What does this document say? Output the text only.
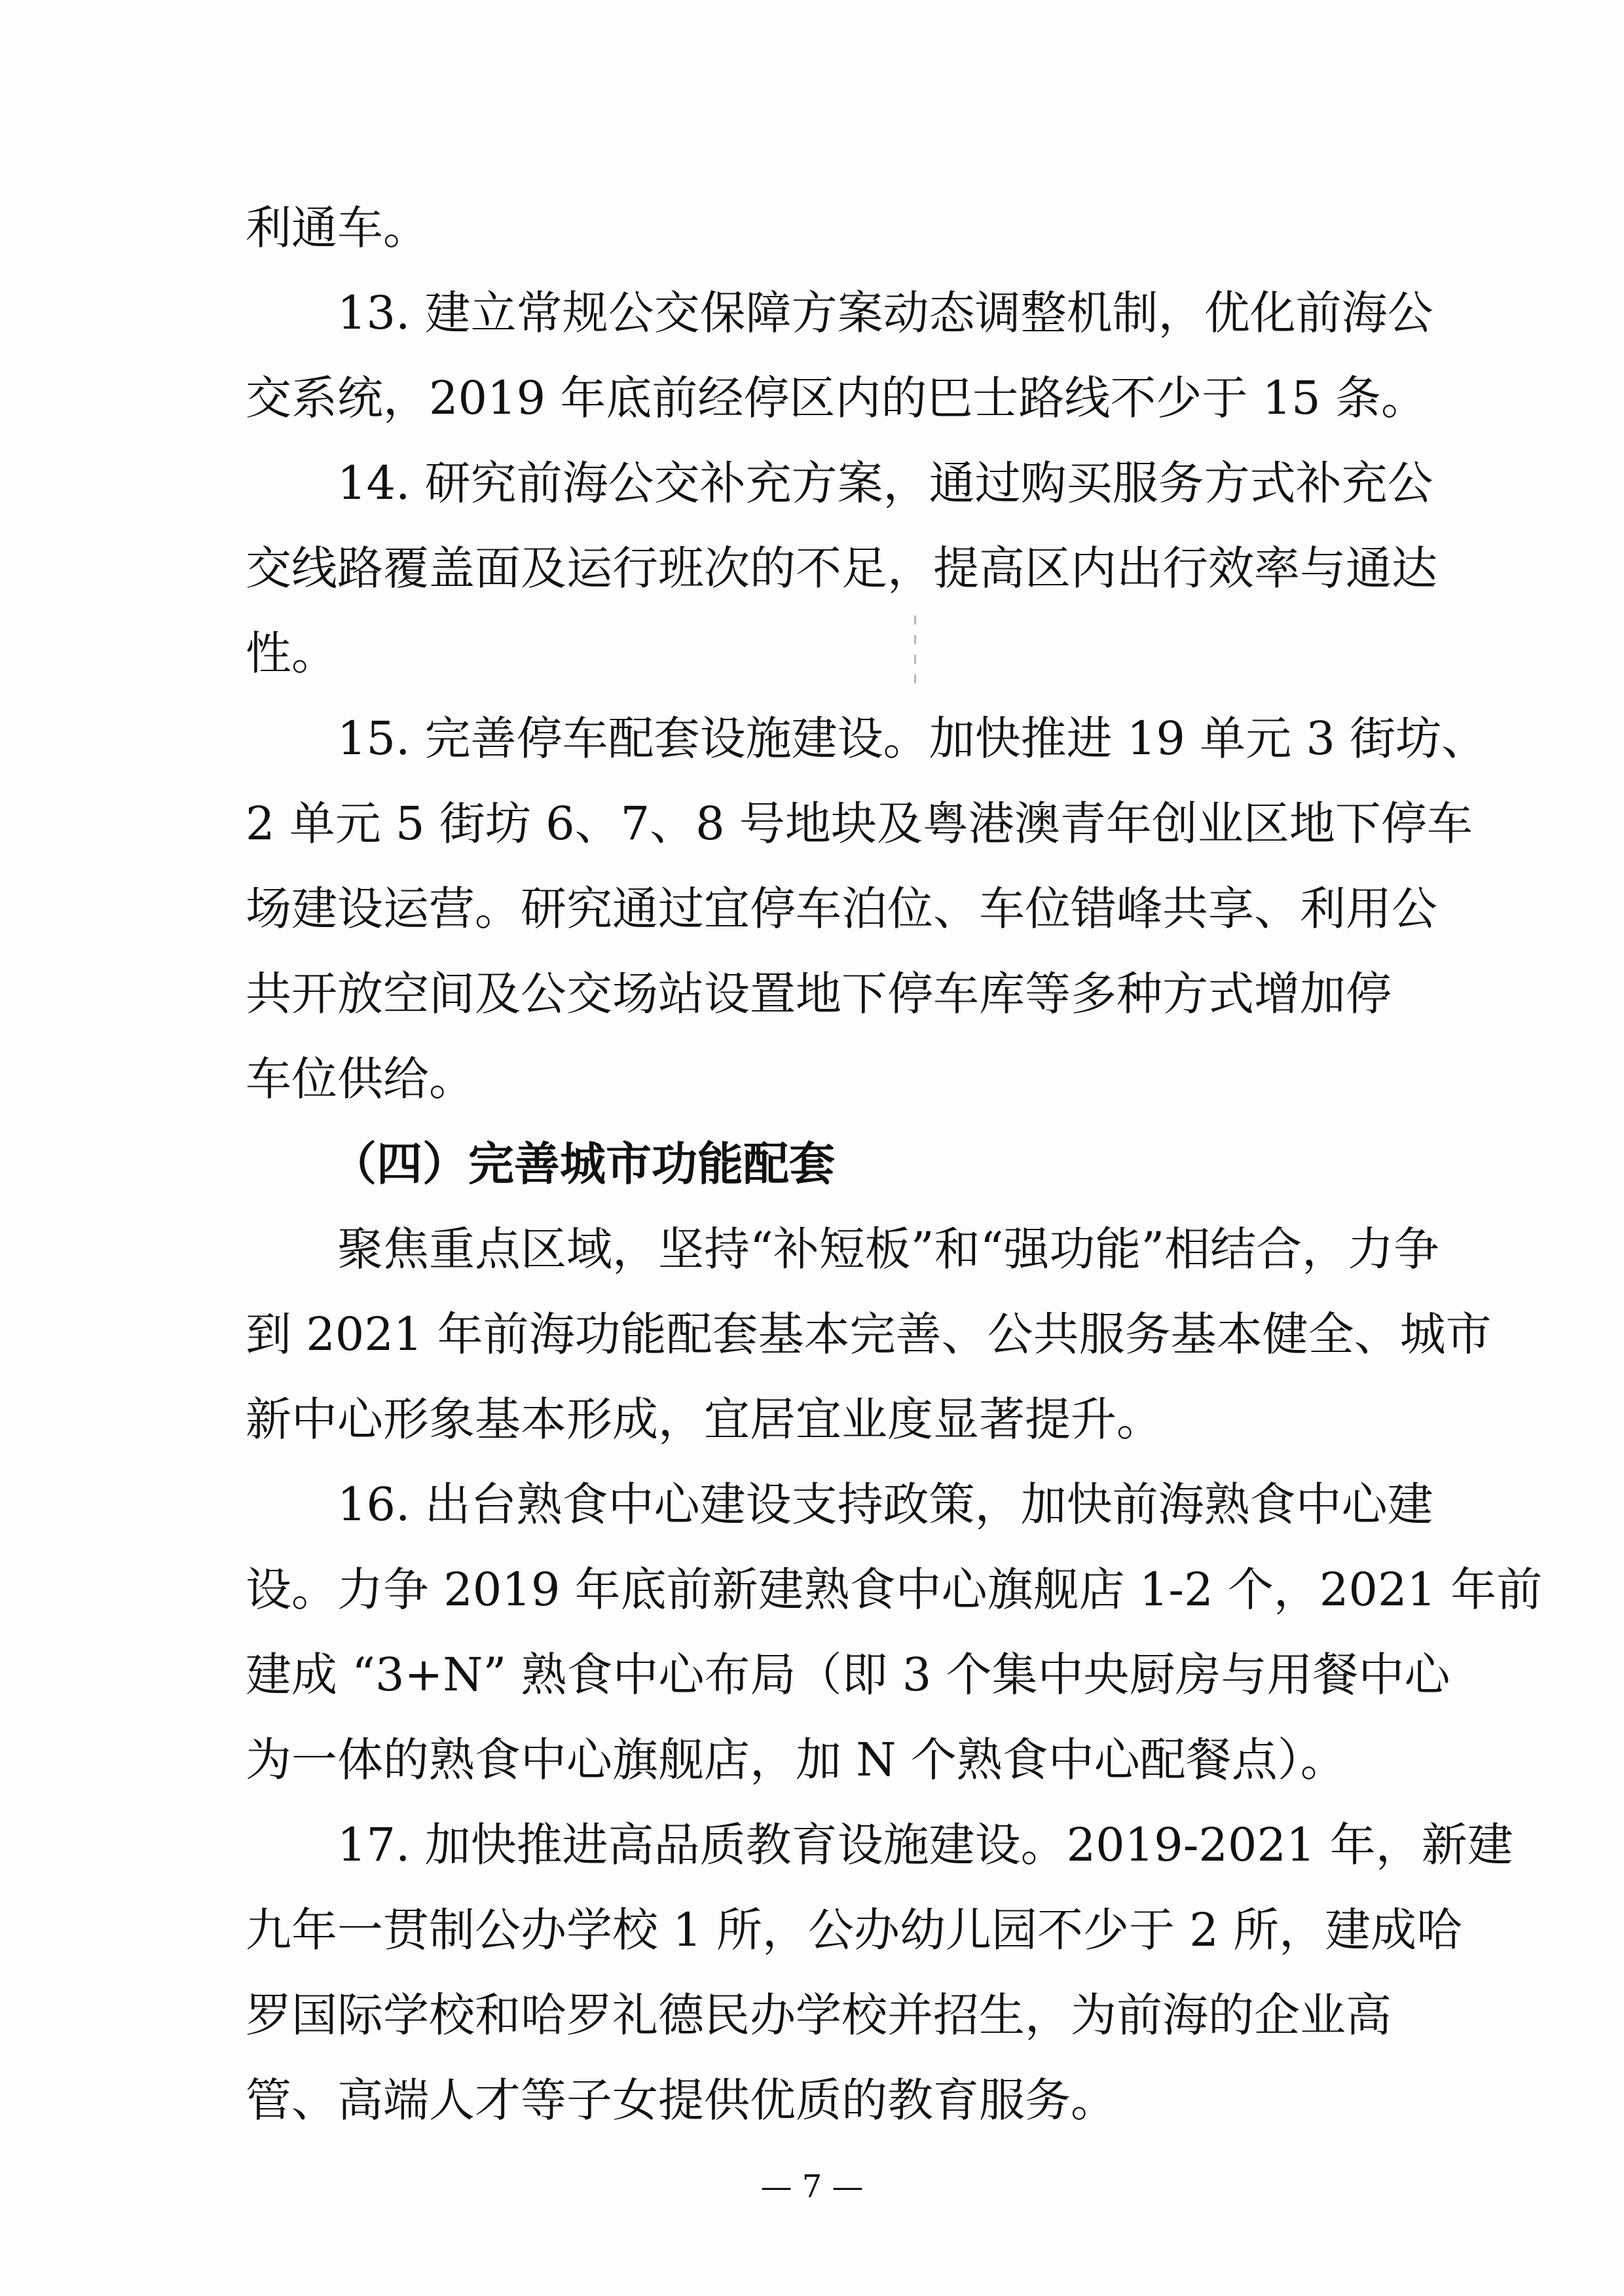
利通车。
13. 建立常规公交保障方案动态调整机制，优化前海公
交系统，2019 年底前经停区内的巴士路线不少于 15 条。
14. 研究前海公交补充方案，通过购买服务方式补充公
交线路覆盖面及运行班次的不足，提高区内出行效率与通达
性。
15. 完善停车配套设施建设。加快推进 19 单元 3 街坊、
2 单元 5 街坊 6、7、8 号地块及粤港澳青年创业区地下停车
场建设运营。研究通过宜停车泊位、车位错峰共享、利用公
共开放空间及公交场站设置地下停车库等多种方式增加停
车位供给。
（四）完善城市功能配套
聚焦重点区域，坚持“补短板”和“强功能”相结合，力争
到 2021 年前海功能配套基本完善、公共服务基本健全、城市
新中心形象基本形成，宜居宜业度显著提升。
16. 出台熟食中心建设支持政策，加快前海熟食中心建
设。力争 2019 年底前新建熟食中心旗舰店 1-2 个，2021 年前
建成 “3+N” 熟食中心布局（即 3 个集中央厨房与用餐中心
为一体的熟食中心旗舰店，加 N 个熟食中心配餐点）。
17. 加快推进高品质教育设施建设。2019-2021 年，新建
九年一贯制公办学校 1 所，公办幼儿园不少于 2 所，建成哈
罗国际学校和哈罗礼德民办学校并招生，为前海的企业高
— 7 —
管、高端人才等子女提供优质的教育服务。
